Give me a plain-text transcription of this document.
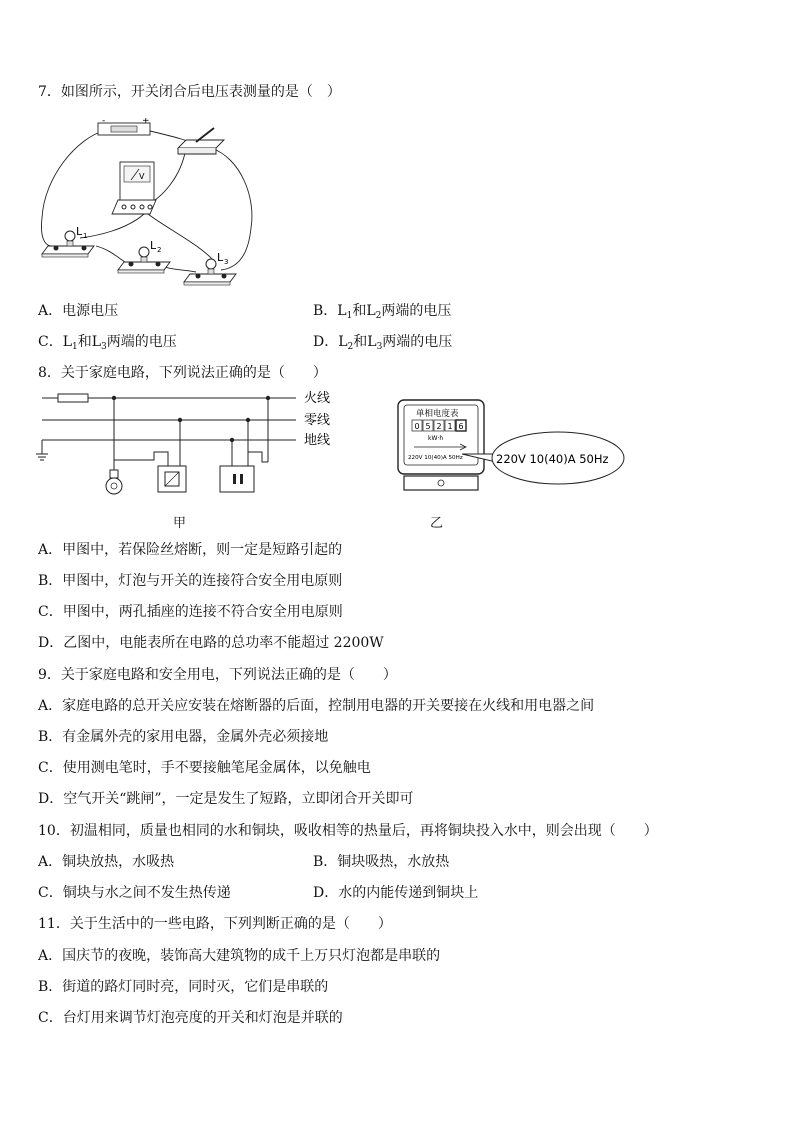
7．如图所示，开关闭合后电压表测量的是（　）
-	+
V
L 1
L 2
L 3
A．电源电压	B．$L_1$和$L_2$两端的电压
C．$L_1$和$L_3$两端的电压	D．$L_2$和$L_3$两端的电压
8．关于家庭电路，下列说法正确的是（　　）
火线
零线
地线
甲
单相电度表
0 5 2 1 6
kW·h
220V 10(40)A 50Hz	220V 10(40)A 50Hz
乙
A．甲图中，若保险丝熔断，则一定是短路引起的
B．甲图中，灯泡与开关的连接符合安全用电原则
C．甲图中，两孔插座的连接不符合安全用电原则
D．乙图中，电能表所在电路的总功率不能超过 2200W
9．关于家庭电路和安全用电，下列说法正确的是（　　）
A．家庭电路的总开关应安装在熔断器的后面，控制用电器的开关要接在火线和用电器之间
B．有金属外壳的家用电器，金属外壳必须接地
C．使用测电笔时，手不要接触笔尾金属体，以免触电
D．空气开关“跳闸”，一定是发生了短路，立即闭合开关即可
10．初温相同，质量也相同的水和铜块，吸收相等的热量后，再将铜块投入水中，则会出现（　　）
A．铜块放热，水吸热	B．铜块吸热，水放热
C．铜块与水之间不发生热传递	D．水的内能传递到铜块上
11．关于生活中的一些电路，下列判断正确的是（　　）
A．国庆节的夜晚，装饰高大建筑物的成千上万只灯泡都是串联的
B．街道的路灯同时亮，同时灭，它们是串联的
C．台灯用来调节灯泡亮度的开关和灯泡是并联的
